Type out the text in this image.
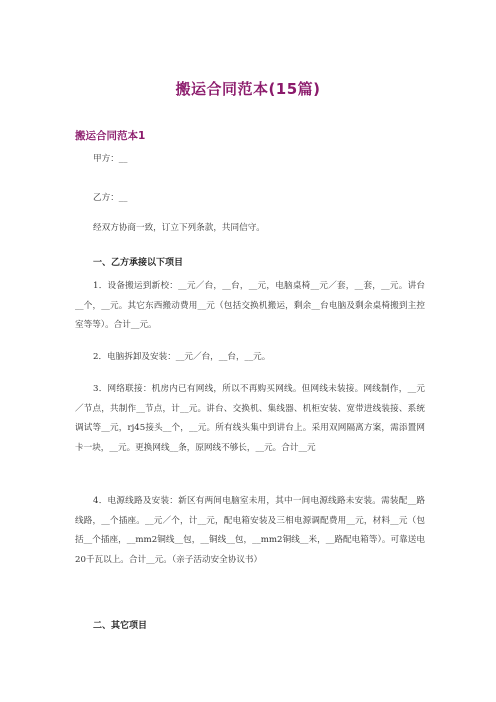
搬运合同范本(15篇)
搬运合同范本1
甲方：__
乙方：__
经双方协商一致，订立下列条款，共同信守。
一、乙方承接以下项目
1．设备搬运到新校：__元／台，__台，__元，电脑桌椅__元／套，__套，__元。讲台__个，__元。其它东西搬动费用__元（包括交换机搬运，剩余__台电脑及剩余桌椅搬到主控室等等）。合计__元。
2．电脑拆卸及安装：__元／台，__台，__元。
3．网络联接：机房内已有网线，所以不再购买网线。但网线未装接。网线制作，__元／节点，共制作__节点，计__元。讲台、交换机、集线器、机柜安装、宽带进线装接、系统调试等__元，rj45接头__个，__元。所有线头集中到讲台上。采用双网隔离方案，需添置网卡一块，__元。更换网线__条，原网线不够长，__元。合计__元
4．电源线路及安装：新区有两间电脑室未用，其中一间电源线路未安装。需装配__路线路，__个插座。__元／个，计__元，配电箱安装及三相电源调配费用__元，材料__元（包括__个插座，__mm2铜线__包，__铜线__包，__mm2铜线__米，__路配电箱等）。可靠送电20千瓦以上。合计__元。（亲子活动安全协议书）
二、其它项目
